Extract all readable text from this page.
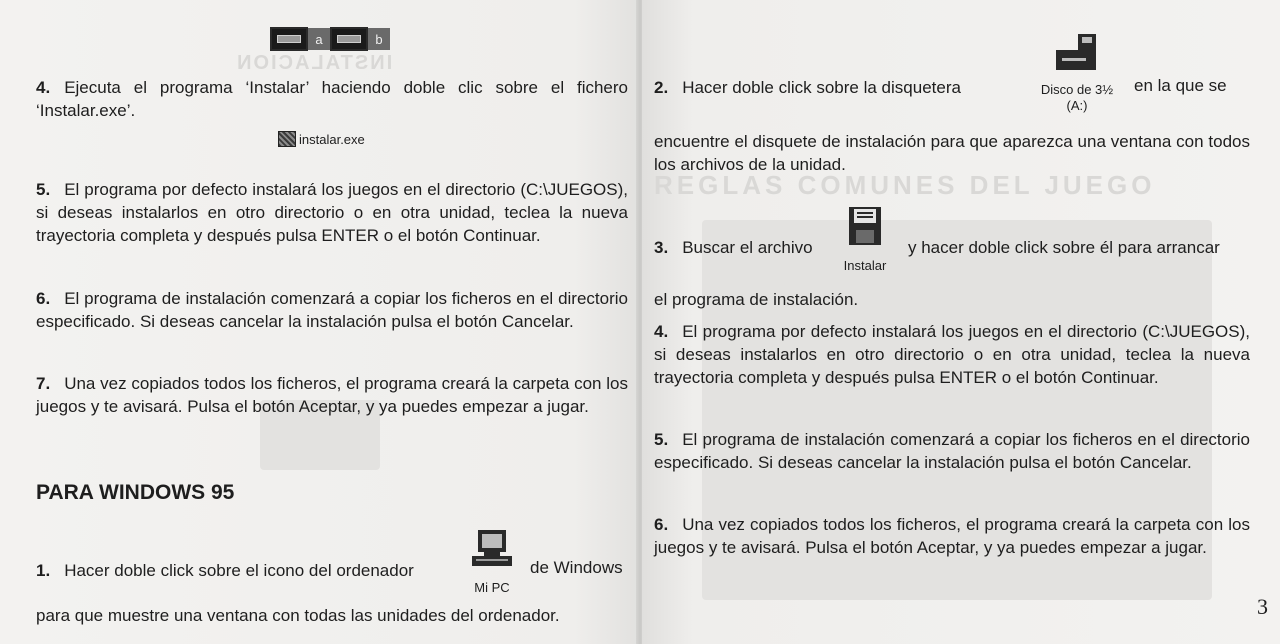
INSTALACION
a	b
4. Ejecuta el programa ‘Instalar’ haciendo doble clic sobre el fichero ‘Instalar.exe’.
instalar.exe
5. El programa por defecto instalará los juegos en el directorio (C:\JUEGOS), si deseas instalarlos en otro directorio o en otra unidad, teclea la nueva trayectoria completa y después pulsa ENTER o el botón Continuar.
6. El programa de instalación comenzará a copiar los ficheros en el directorio especificado. Si deseas cancelar la instalación pulsa el botón Cancelar.
7. Una vez copiados todos los ficheros, el programa creará la carpeta con los juegos y te avisará. Pulsa el botón Aceptar, y ya puedes empezar a jugar.
PARA WINDOWS 95
1. Hacer doble click sobre el icono del ordenador
Mi PC
de Windows
para que muestre una ventana con todas las unidades del ordenador.
REGLAS COMUNES DEL JUEGO
2. Hacer doble click sobre la disquetera	Disco de 3½
(A:)
en la que se
encuentre el disquete de instalación para que aparezca una ventana con todos los archivos de la unidad.
3. Buscar el archivo
Instalar
y hacer doble click sobre él para arrancar
el programa de instalación.
4. El programa por defecto instalará los juegos en el directorio (C:\JUEGOS), si deseas instalarlos en otro directorio o en otra unidad, teclea la nueva trayectoria completa y después pulsa ENTER o el botón Continuar.
5. El programa de instalación comenzará a copiar los ficheros en el directorio especificado. Si deseas cancelar la instalación pulsa el botón Cancelar.
6. Una vez copiados todos los ficheros, el programa creará la carpeta con los juegos y te avisará. Pulsa el botón Aceptar, y ya puedes empezar a jugar.
3
